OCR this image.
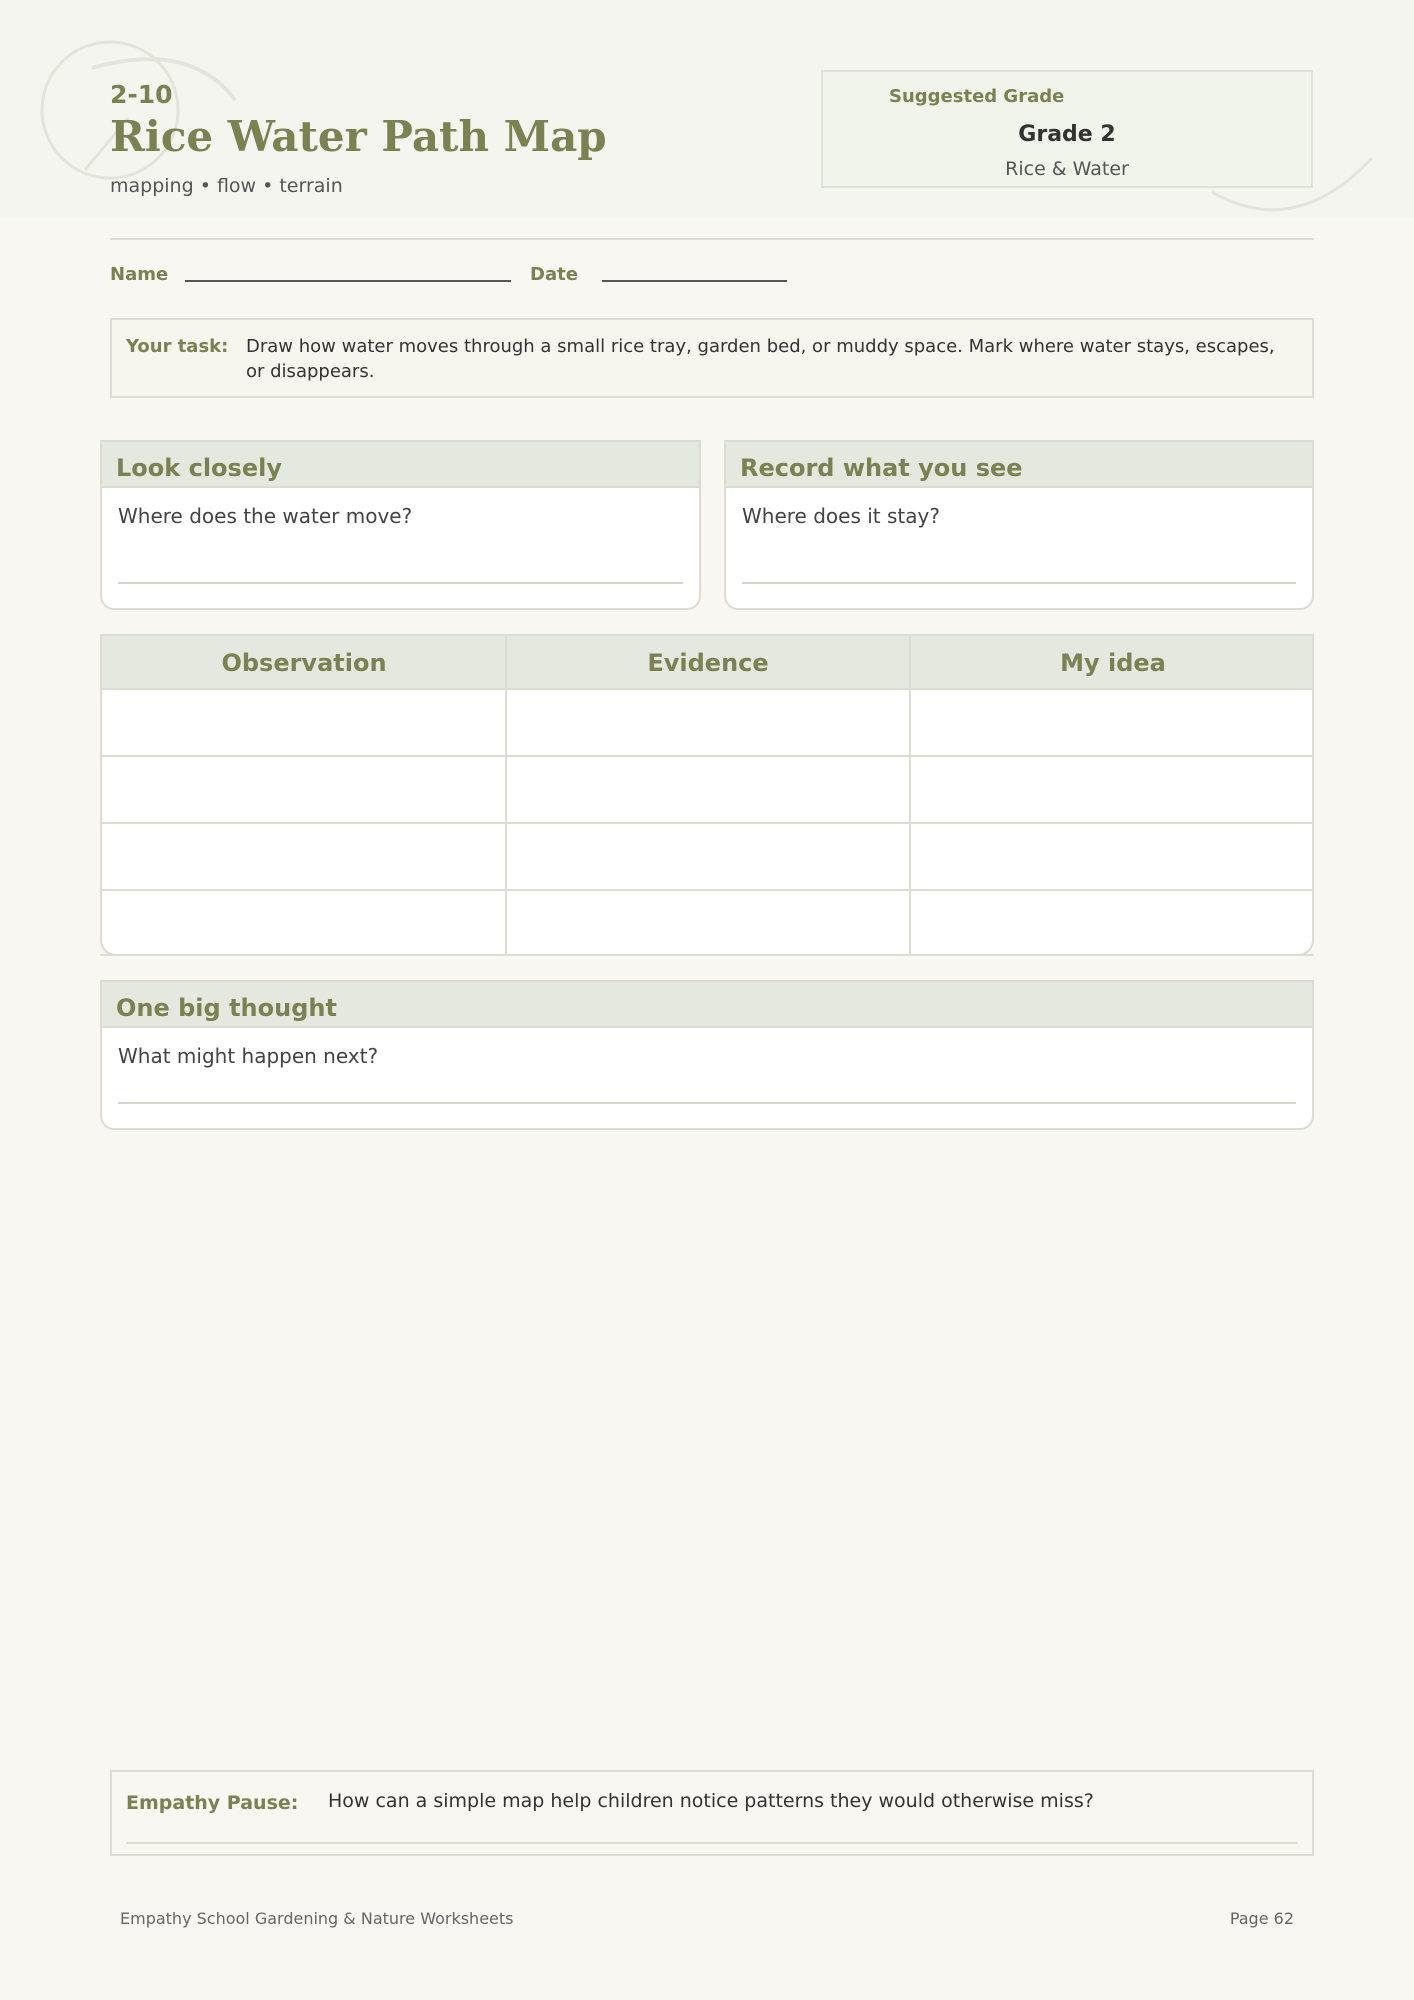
2-10
Rice Water Path Map
mapping • flow • terrain
Suggested Grade
Grade 2
Rice & Water
Name	Date
Your task: Draw how water moves through a small rice tray, garden bed, or muddy space. Mark where water stays, escapes, or disappears.
Look closely
Where does the water move?
Record what you see
Where does it stay?
Observation	Evidence	My idea
One big thought
What might happen next?
Empathy Pause: How can a simple map help children notice patterns they would otherwise miss?
Empathy School Gardening & Nature Worksheets	Page 62
